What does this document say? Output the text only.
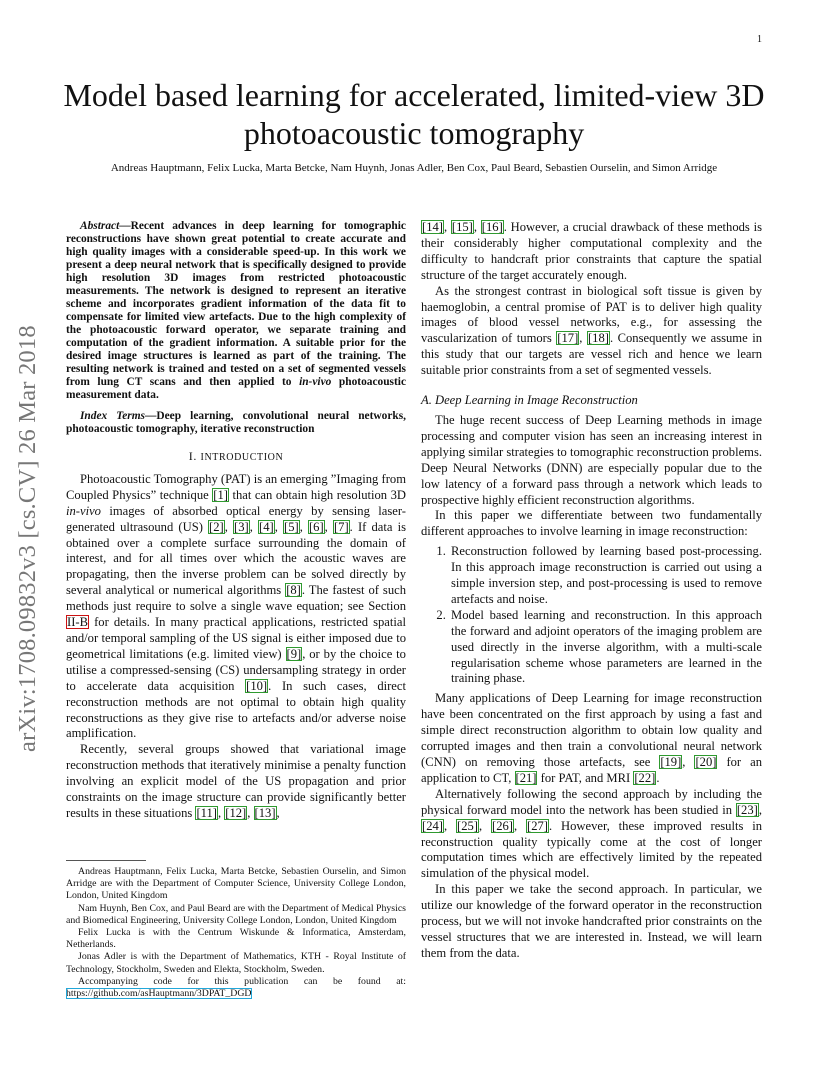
1
arXiv:1708.09832v3 [cs.CV] 26 Mar 2018
Model based learning for accelerated, limited-view 3D photoacoustic tomography
Andreas Hauptmann, Felix Lucka, Marta Betcke, Nam Huynh, Jonas Adler, Ben Cox, Paul Beard, Sebastien Ourselin, and Simon Arridge

Abstract—Recent advances in deep learning for tomographic reconstructions have shown great potential to create accurate and high quality images with a considerable speed-up. In this work we present a deep neural network that is specifically designed to provide high resolution 3D images from restricted photoacoustic measurements. The network is designed to represent an iterative scheme and incorporates gradient information of the data fit to compensate for limited view artefacts. Due to the high complexity of the photoacoustic forward operator, we separate training and computation of the gradient information. A suitable prior for the desired image structures is learned as part of the training. The resulting network is trained and tested on a set of segmented vessels from lung CT scans and then applied to in-vivo photoacoustic measurement data.

Index Terms—Deep learning, convolutional neural networks, photoacoustic tomography, iterative reconstruction

I. INTRODUCTION

Photoacoustic Tomography (PAT) is an emerging ”Imaging from Coupled Physics” technique [1] that can obtain high resolution 3D in-vivo images of absorbed optical energy by sensing laser-generated ultrasound (US) [2], [3], [4], [5], [6], [7]. If data is obtained over a complete surface surrounding the domain of interest, and for all times over which the acoustic waves are propagating, then the inverse problem can be solved directly by several analytical or numerical algorithms [8]. The fastest of such methods just require to solve a single wave equation; see Section II-B for details. In many practical applications, restricted spatial and/or temporal sampling of the US signal is either imposed due to geometrical limitations (e.g. limited view) [9], or by the choice to utilise a compressed-sensing (CS) undersampling strategy in order to accelerate data acquisition [10]. In such cases, direct reconstruction methods are not optimal to obtain high quality reconstructions as they give rise to artefacts and/or adverse noise amplification.

Recently, several groups showed that variational image reconstruction methods that iteratively minimise a penalty function involving an explicit model of the US propagation and prior constraints on the image structure can provide significantly better results in these situations [11], [12], [13],

Andreas Hauptmann, Felix Lucka, Marta Betcke, Sebastien Ourselin, and Simon Arridge are with the Department of Computer Science, University College London, London, United Kingdom

Nam Huynh, Ben Cox, and Paul Beard are with the Department of Medical Physics and Biomedical Engineering, University College London, London, United Kingdom

Felix Lucka is with the Centrum Wiskunde & Informatica, Amsterdam, Netherlands.

Jonas Adler is with the Department of Mathematics, KTH - Royal Institute of Technology, Stockholm, Sweden and Elekta, Stockholm, Sweden.

Accompanying code for this publication can be found at: https://github.com/asHauptmann/3DPAT_DGD

[14], [15], [16]. However, a crucial drawback of these methods is their considerably higher computational complexity and the difficulty to handcraft prior constraints that capture the spatial structure of the target accurately enough.

As the strongest contrast in biological soft tissue is given by haemoglobin, a central promise of PAT is to deliver high quality images of blood vessel networks, e.g., for assessing the vascularization of tumors [17], [18]. Consequently we assume in this study that our targets are vessel rich and hence we learn suitable prior constraints from a set of segmented vessels.

A. Deep Learning in Image Reconstruction

The huge recent success of Deep Learning methods in image processing and computer vision has seen an increasing interest in applying similar strategies to tomographic reconstruction problems. Deep Neural Networks (DNN) are especially popular due to the low latency of a forward pass through a network which leads to prospective highly efficient reconstruction algorithms.

In this paper we differentiate between two fundamentally different approaches to involve learning in image reconstruction:

1. Reconstruction followed by learning based post-processing. In this approach image reconstruction is carried out using a simple inversion step, and post-processing is used to remove artefacts and noise.
2. Model based learning and reconstruction. In this approach the forward and adjoint operators of the imaging problem are used directly in the inverse algorithm, with a multi-scale regularisation scheme whose parameters are learned in the training phase.

Many applications of Deep Learning for image reconstruction have been concentrated on the first approach by using a fast and simple direct reconstruction algorithm to obtain low quality and corrupted images and then train a convolutional neural network (CNN) on removing those artefacts, see [19], [20] for an application to CT, [21] for PAT, and MRI [22].

Alternatively following the second approach by including the physical forward model into the network has been studied in [23], [24], [25], [26], [27]. However, these improved results in reconstruction quality typically come at the cost of longer computation times which are effectively limited by the repeated simulation of the physical model.

In this paper we take the second approach. In particular, we utilize our knowledge of the forward operator in the reconstruction process, but we will not invoke handcrafted prior constraints on the vessel structures that we are interested in. Instead, we will learn them from the data.
